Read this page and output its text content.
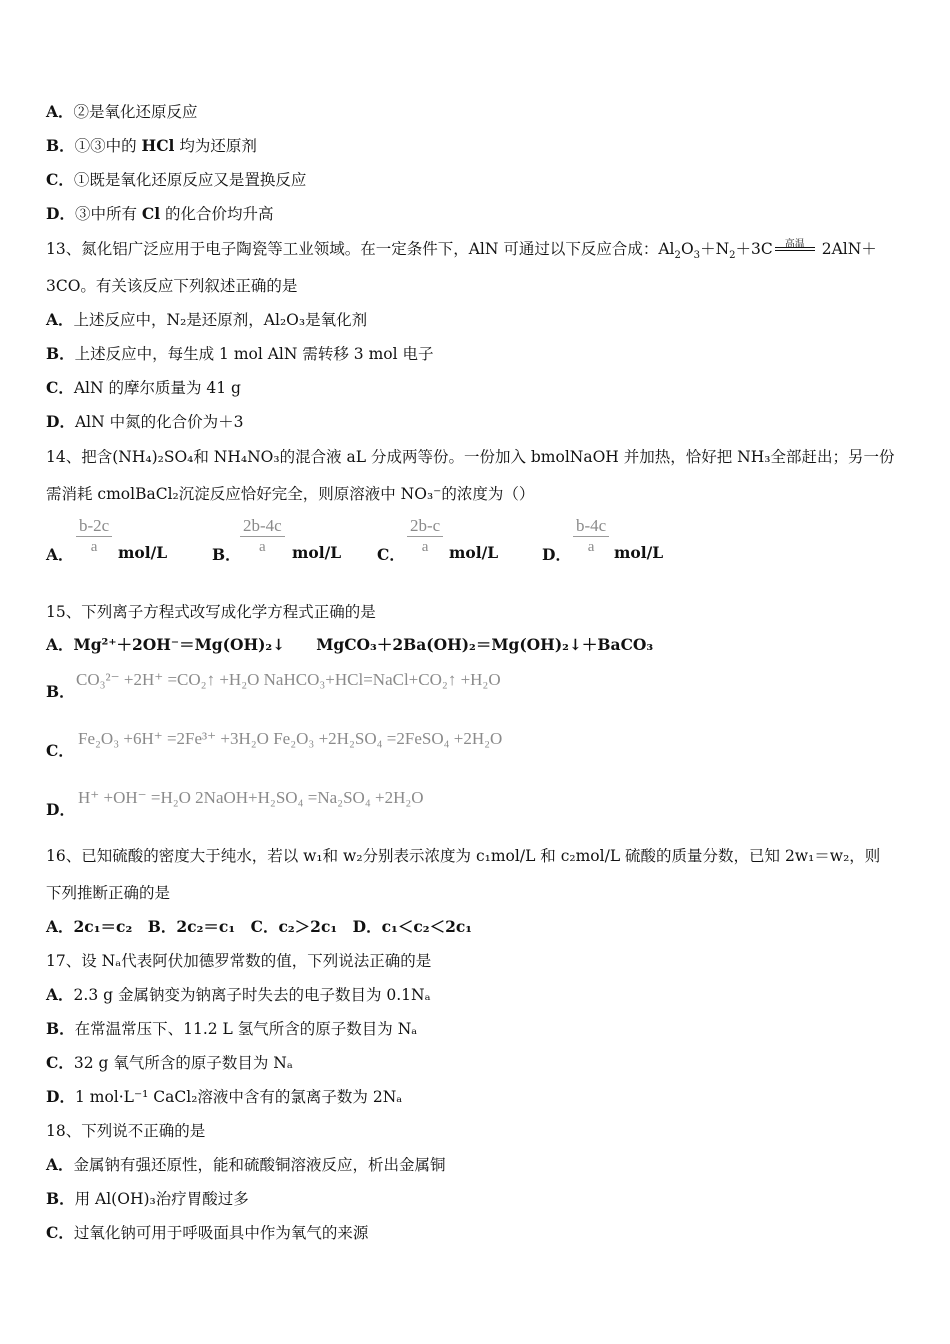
A．②是氧化还原反应
B．①③中的 HCl 均为还原剂
C．①既是氧化还原反应又是置换反应
D．③中所有 Cl 的化合价均升高
13、氮化铝广泛应用于电子陶瓷等工业领域。在一定条件下，AlN 可通过以下反应合成：$Al_2O_3+N_2+3C$	高温 2AlN＋
3CO。有关该反应下列叙述正确的是
A．上述反应中，N₂是还原剂，Al₂O₃是氧化剂
B．上述反应中，每生成 1 mol AlN 需转移 3 mol 电子
C．AlN 的摩尔质量为 41 g
D．AlN 中氮的化合价为＋3
14、把含(NH₄)₂SO₄和 NH₄NO₃的混合液 aL 分成两等份。一份加入 bmolNaOH 并加热，恰好把 NH₃全部赶出；另一份
需消耗 cmolBaCl₂沉淀反应恰好完全，则原溶液中 NO₃⁻的浓度为（）
A． $\frac{b-2c}{a} mol/L$	B． $\frac{2b-4c}{a} mol/L$ C． $\frac{2b-c}{a} mol/L$	D． $\frac{b-4c}{a} mol/L$
15、下列离子方程式改写成化学方程式正确的是
A．Mg²⁺＋2OH⁻＝Mg(OH)₂↓　　MgCO₃＋2Ba(OH)₂＝Mg(OH)₂↓＋BaCO₃
B．
CO₃²⁻ +2H⁺ =CO₂↑ +H₂O NaHCO₃+HCl=NaCl+CO₂↑ +H₂O
C．
Fe₂O₃ +6H⁺ =2Fe³⁺ +3H₂O Fe₂O₃ +2H₂SO₄ =2FeSO₄ +2H₂O
D．
H⁺ +OH⁻ =H₂O 2NaOH+H₂SO₄ =Na₂SO₄ +2H₂O
16、已知硫酸的密度大于纯水，若以 w₁和 w₂分别表示浓度为 c₁mol/L 和 c₂mol/L 硫酸的质量分数，已知 2w₁＝w₂，则
下列推断正确的是
A．2c₁＝c₂　B．2c₂＝c₁　C．c₂＞2c₁　D．c₁＜c₂＜2c₁
17、设 Nₐ代表阿伏加德罗常数的值，下列说法正确的是
A．2.3 g 金属钠变为钠离子时失去的电子数目为 0.1Nₐ
B．在常温常压下、11.2 L 氢气所含的原子数目为 Nₐ
C．32 g 氧气所含的原子数目为 Nₐ
D．1 mol·L⁻¹ CaCl₂溶液中含有的氯离子数为 2Nₐ
18、下列说不正确的是
A．金属钠有强还原性，能和硫酸铜溶液反应，析出金属铜
B．用 Al(OH)₃治疗胃酸过多
C．过氧化钠可用于呼吸面具中作为氧气的来源
